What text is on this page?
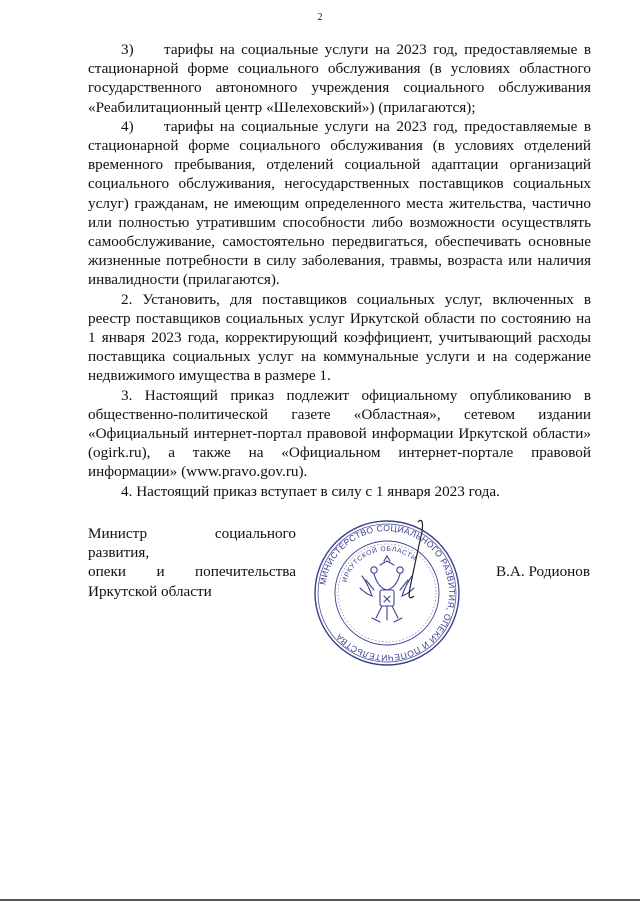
2

3) тарифы на социальные услуги на 2023 год, предоставляемые в стационарной форме социального обслуживания (в условиях областного государственного автономного учреждения социального обслуживания «Реабилитационный центр «Шелеховский») (прилагаются);

4) тарифы на социальные услуги на 2023 год, предоставляемые в стационарной форме социального обслуживания (в условиях отделений временного пребывания, отделений социальной адаптации организаций социального обслуживания, негосударственных поставщиков социальных услуг) гражданам, не имеющим определенного места жительства, частично или полностью утратившим способности либо возможности осуществлять самообслуживание, самостоятельно передвигаться, обеспечивать основные жизненные потребности в силу заболевания, травмы, возраста или наличия инвалидности (прилагаются).

2. Установить, для поставщиков социальных услуг, включенных в реестр поставщиков социальных услуг Иркутской области по состоянию на 1 января 2023 года, корректирующий коэффициент, учитывающий расходы поставщика социальных услуг на коммунальные услуги и на содержание недвижимого имущества в размере 1.

3. Настоящий приказ подлежит официальному опубликованию в общественно-политической газете «Областная», сетевом издании «Официальный интернет-портал правовой информации Иркутской области» (ogirk.ru), а также на «Официальном интернет-портале правовой информации» (www.pravo.gov.ru).

4. Настоящий приказ вступает в силу с 1 января 2023 года.

Министр социального развития,
опеки и попечительства
Иркутской области
МИНИСТЕРСТВО СОЦИАЛЬНОГО РАЗВИТИЯ, ОПЕКИ И ПОПЕЧИТЕЛЬСТВА
ИРКУТСКОЙ ОБЛАСТИ
В.А. Родионов
